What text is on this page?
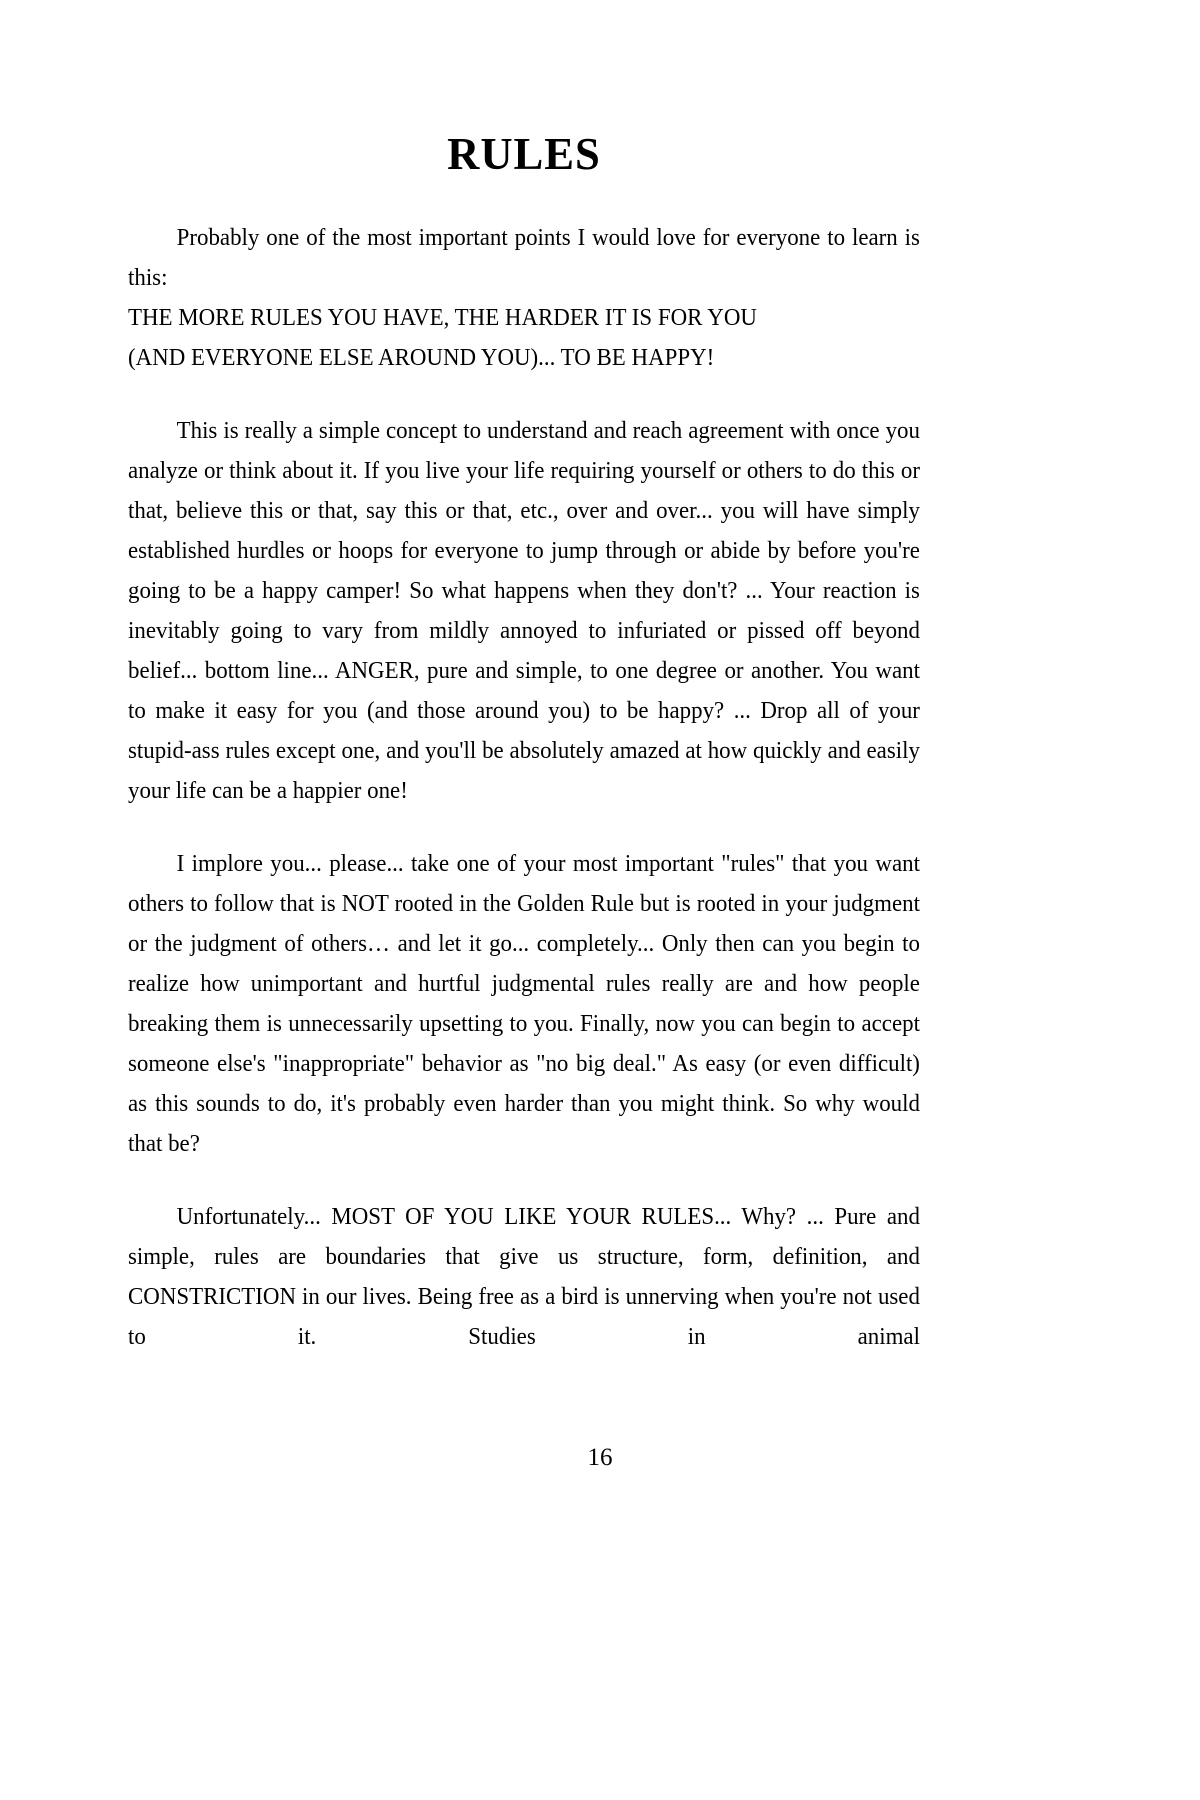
RULES

Probably one of the most important points I would love for everyone to learn is this:

THE MORE RULES YOU HAVE, THE HARDER IT IS FOR YOU

(AND EVERYONE ELSE AROUND YOU)... TO BE HAPPY!

This is really a simple concept to understand and reach agreement with once you analyze or think about it. If you live your life requiring yourself or others to do this or that, believe this or that, say this or that, etc., over and over... you will have simply established hurdles or hoops for everyone to jump through or abide by before you're going to be a happy camper! So what happens when they don't? ... Your reaction is inevitably going to vary from mildly annoyed to infuriated or pissed off beyond belief... bottom line... ANGER, pure and simple, to one degree or another. You want to make it easy for you (and those around you) to be happy? ... Drop all of your stupid-ass rules except one, and you'll be absolutely amazed at how quickly and easily your life can be a happier one!

I implore you... please... take one of your most important "rules" that you want others to follow that is NOT rooted in the Golden Rule but is rooted in your judgment or the judgment of others… and let it go... completely... Only then can you begin to realize how unimportant and hurtful judgmental rules really are and how people breaking them is unnecessarily upsetting to you. Finally, now you can begin to accept someone else's "inappropriate" behavior as "no big deal." As easy (or even difficult) as this sounds to do, it's probably even harder than you might think. So why would that be?

Unfortunately... MOST OF YOU LIKE YOUR RULES... Why? ... Pure and simple, rules are boundaries that give us structure, form, definition, and CONSTRICTION in our lives. Being free as a bird is unnerving when you're not used to it. Studies in animal

16
